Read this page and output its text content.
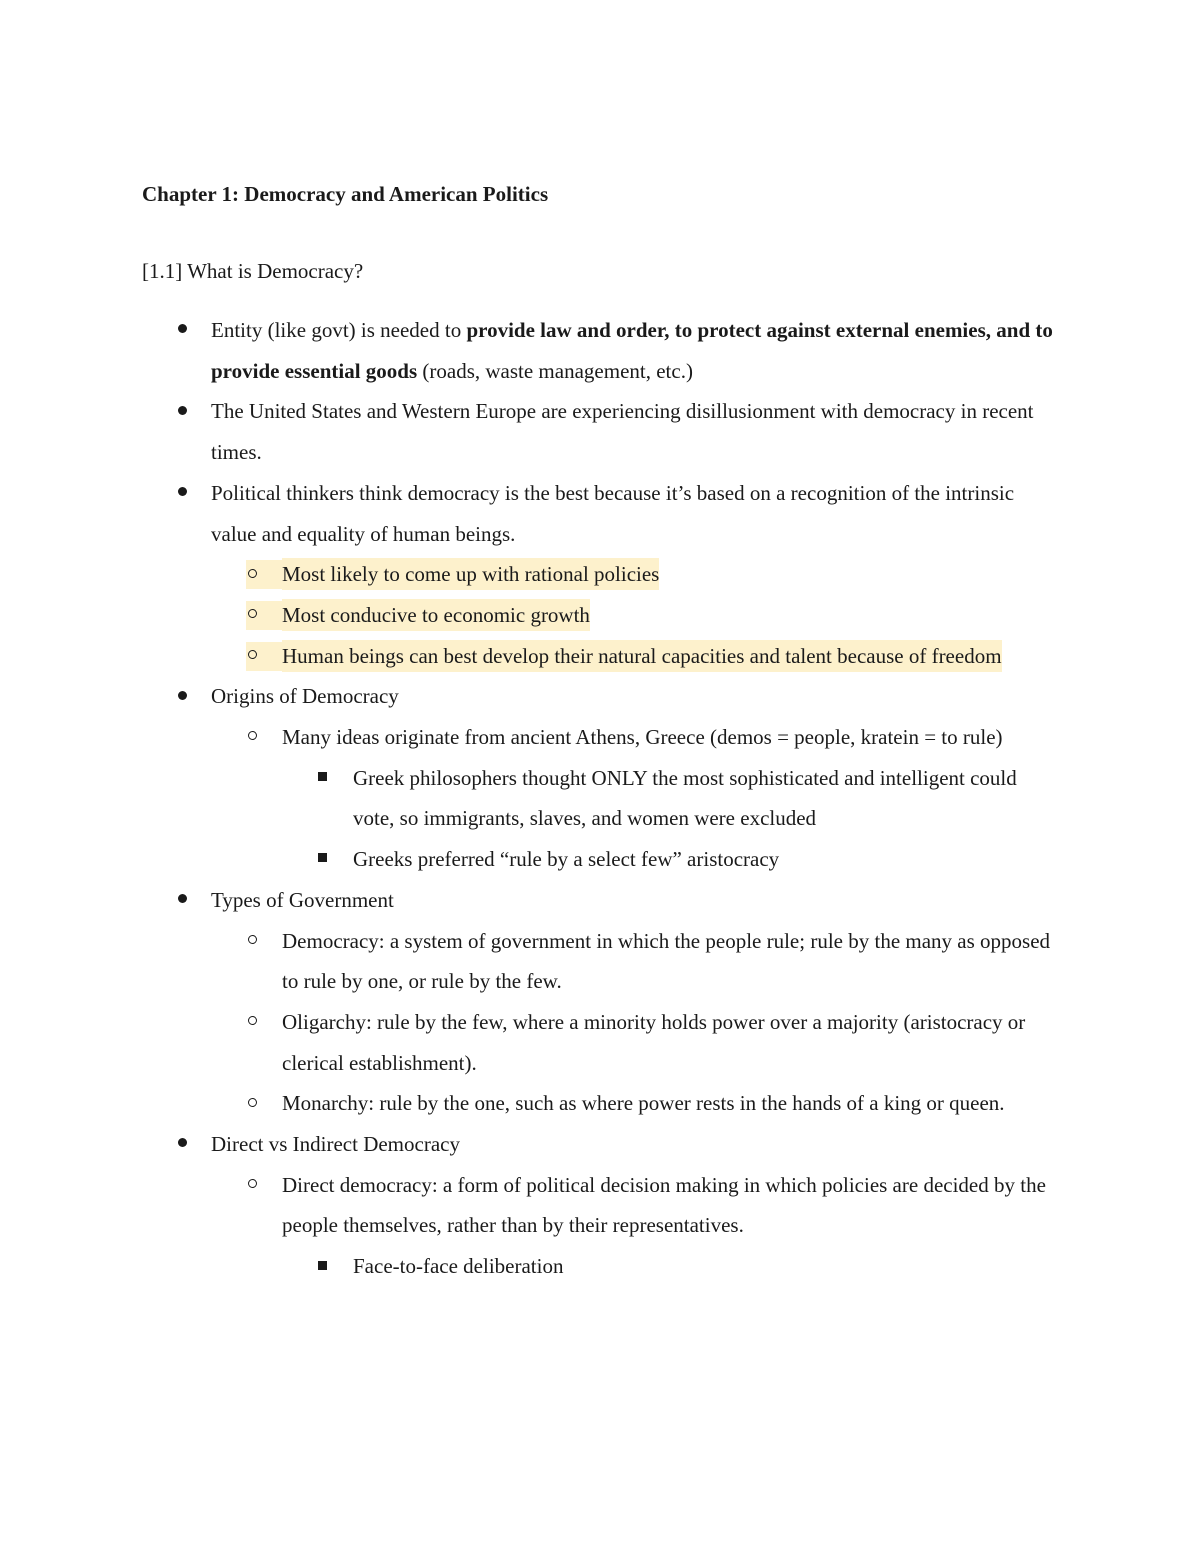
Chapter 1: Democracy and American Politics
[1.1] What is Democracy?
Entity (like govt) is needed to provide law and order, to protect against external enemies, and to provide essential goods (roads, waste management, etc.)
The United States and Western Europe are experiencing disillusionment with democracy in recent times.
Political thinkers think democracy is the best because it’s based on a recognition of the intrinsic value and equality of human beings.
Most likely to come up with rational policies
Most conducive to economic growth
Human beings can best develop their natural capacities and talent because of freedom
Origins of Democracy
Many ideas originate from ancient Athens, Greece (demos = people, kratein = to rule)
Greek philosophers thought ONLY the most sophisticated and intelligent could vote, so immigrants, slaves, and women were excluded
Greeks preferred “rule by a select few” aristocracy
Types of Government
Democracy: a system of government in which the people rule; rule by the many as opposed to rule by one, or rule by the few.
Oligarchy: rule by the few, where a minority holds power over a majority (aristocracy or clerical establishment).
Monarchy: rule by the one, such as where power rests in the hands of a king or queen.
Direct vs Indirect Democracy
Direct democracy: a form of political decision making in which policies are decided by the people themselves, rather than by their representatives.
Face-to-face deliberation
